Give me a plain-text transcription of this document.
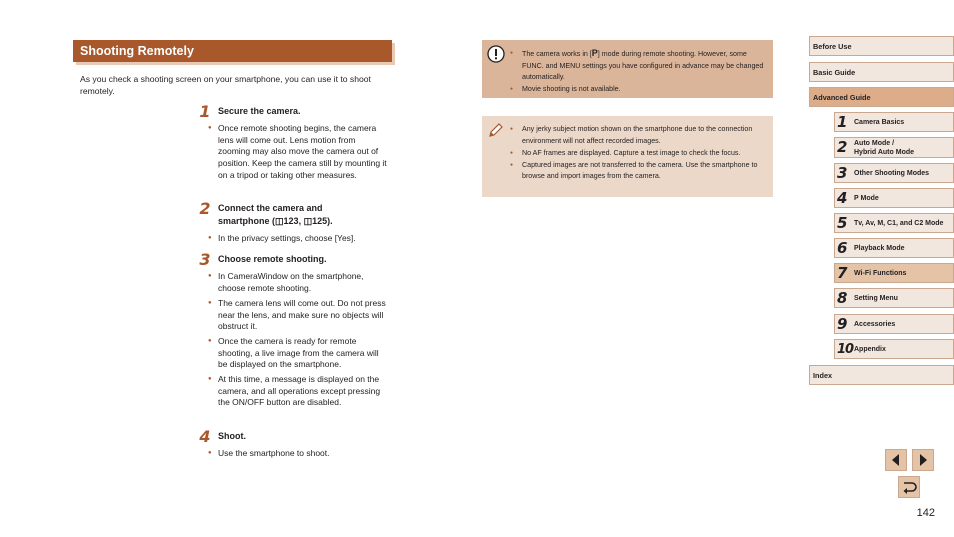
Shooting Remotely

As you check a shooting screen on your smartphone, you can use it to shoot remotely.

1 Secure the camera.
● Once remote shooting begins, the camera lens will come out. Lens motion from zooming may also move the camera out of position. Keep the camera still by mounting it on a tripod or taking other measures.
2 Connect the camera and
smartphone (◫123, ◫125).
● In the privacy settings, choose [Yes].
3 Choose remote shooting.
● In CameraWindow on the smartphone, choose remote shooting.
● The camera lens will come out. Do not press near the lens, and make sure no objects will obstruct it.
● Once the camera is ready for remote shooting, a live image from the camera will be displayed on the smartphone.
● At this time, a message is displayed on the camera, and all operations except pressing the ON/OFF button are disabled.
4 Shoot.
● Use the smartphone to shoot.
● The camera works in [P] mode during remote shooting. However, some FUNC. and MENU settings you have configured in advance may be changed automatically.
● Movie shooting is not available.
● Any jerky subject motion shown on the smartphone due to the connection environment will not affect recorded images.
● No AF frames are displayed. Capture a test image to check the focus.
● Captured images are not transferred to the camera. Use the smartphone to browse and import images from the camera.
Before Use
Basic Guide
Advanced Guide
1 Camera Basics
2 Auto Mode /
Hybrid Auto Mode
3 Other Shooting Modes
4 P Mode
5 Tv, Av, M, C1, and C2 Mode
6 Playback Mode
7 Wi-Fi Functions
8 Setting Menu
9 Accessories
10 Appendix
Index
142
